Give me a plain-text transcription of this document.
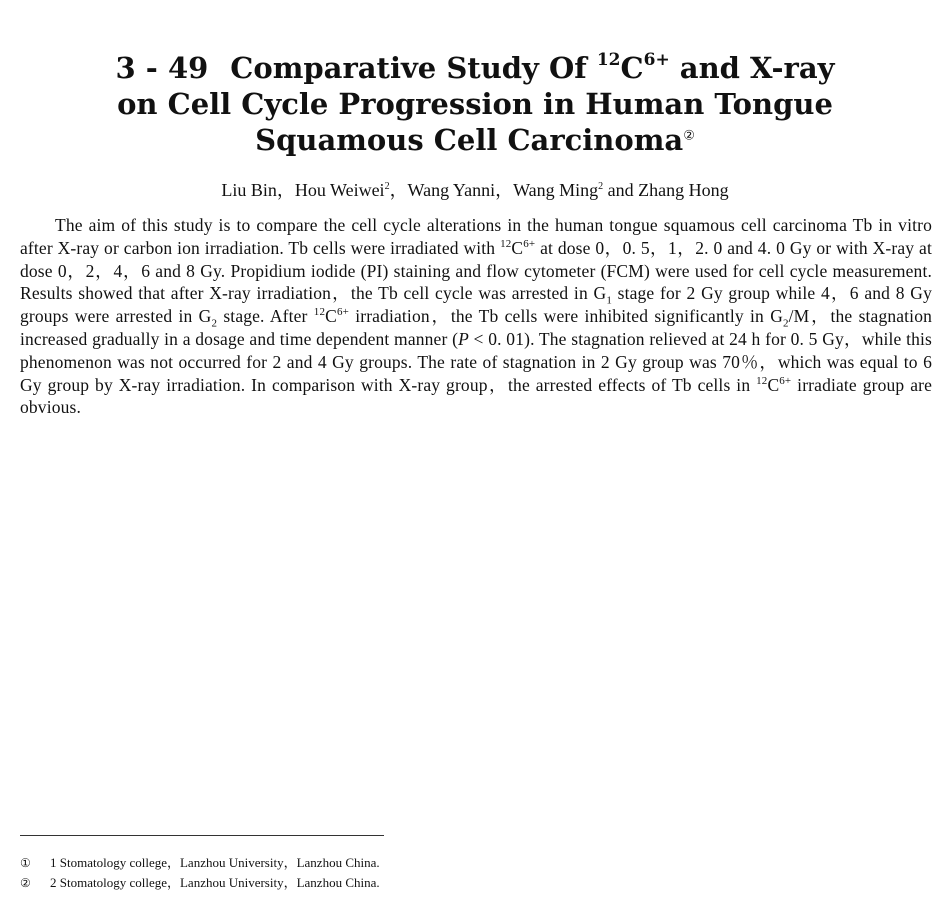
3 - 49 Comparative Study Of $^{12}C^{6+}$ and X-ray
on Cell Cycle Progression in Human Tongue
Squamous Cell Carcinoma②
Liu Bin，Hou Weiwei$^2$，Wang Yanni，Wang Ming$^2$ and Zhang Hong

The aim of this study is to compare the cell cycle alterations in the human tongue squamous cell carcinoma Tb in vitro after X-ray or carbon ion irradiation. Tb cells were irradiated with $^{12}C^{6+}$ at dose 0，0. 5，1，2. 0 and 4. 0 Gy or with X-ray at dose 0，2，4，6 and 8 Gy. Propidium iodide (PI) staining and flow cytometer (FCM) were used for cell cycle measurement. Results showed that after X-ray irradiation，the Tb cell cycle was arrested in $G_1$ stage for 2 Gy group while 4，6 and 8 Gy groups were arrested in $G_2$ stage. After $^{12}C^{6+}$ irradiation，the Tb cells were inhibited significantly in $G_2/M$，the stagnation increased gradually in a dosage and time dependent manner (P < 0. 01). The stagnation relieved at 24 h for 0. 5 Gy，while this phenomenon was not occurred for 2 and 4 Gy groups. The rate of stagnation in 2 Gy group was 70％，which was equal to 6 Gy group by X-ray irradiation. In comparison with X-ray group，the arrested effects of Tb cells in $^{12}C^{6+}$ irradiate group are obvious.

①	1 Stomatology college，Lanzhou University，Lanzhou China.
②	2 Stomatology college，Lanzhou University，Lanzhou China.
